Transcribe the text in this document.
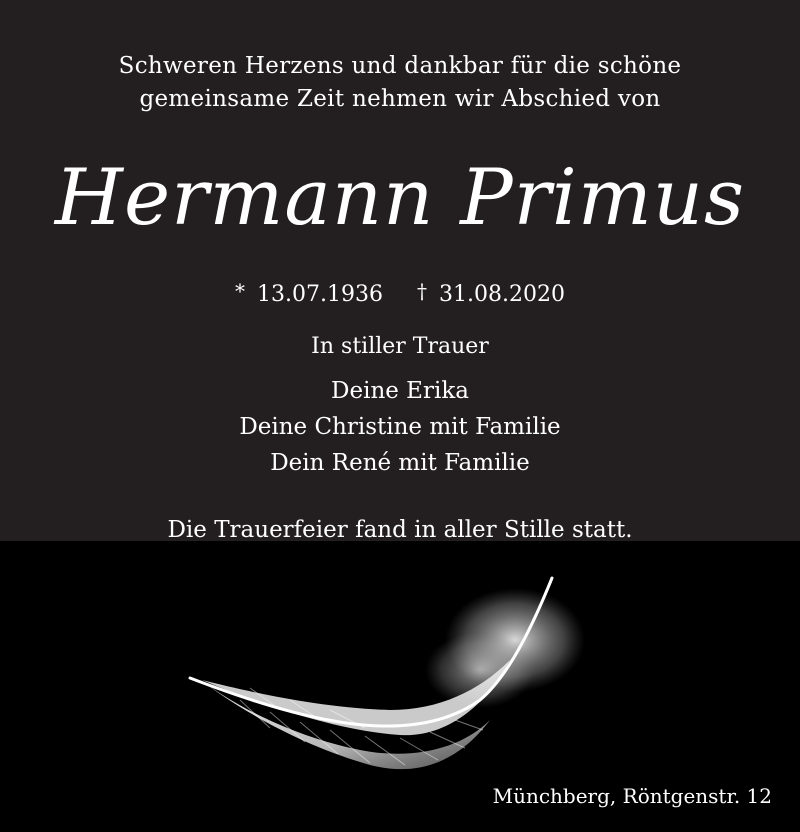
Schweren Herzens und dankbar für die schöne
gemeinsame Zeit nehmen wir Abschied von
Hermann Primus
* 13.07.1936 † 31.08.2020
In stiller Trauer
Deine Erika
Deine Christine mit Familie
Dein René mit Familie
Die Trauerfeier fand in aller Stille statt.
Münchberg, Röntgenstr. 12
